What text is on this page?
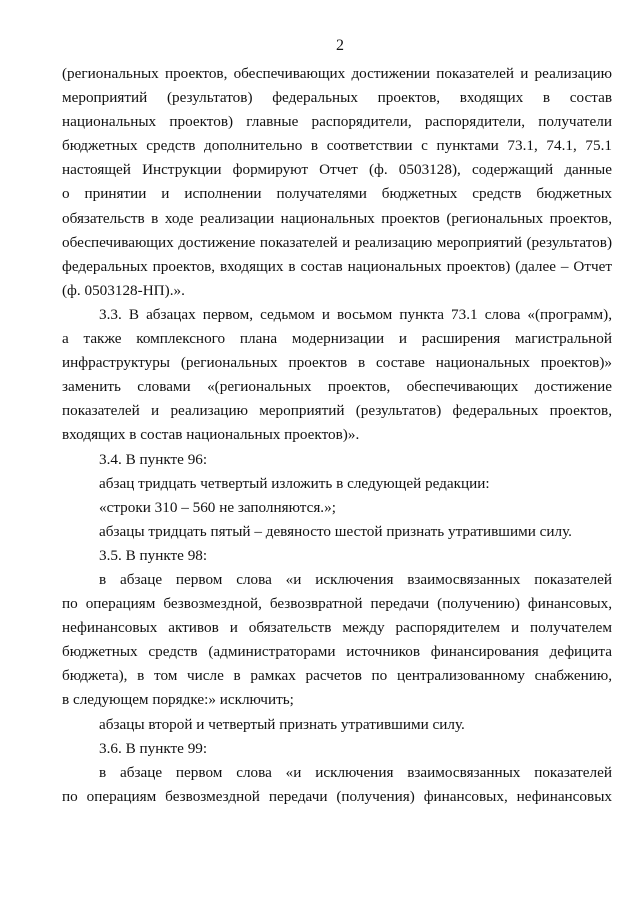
2
(региональных проектов, обеспечивающих достижении показателей и реализацию
мероприятий (результатов) федеральных проектов, входящих в состав
национальных проектов) главные распорядители, распорядители, получатели
бюджетных средств дополнительно в соответствии с пунктами 73.1, 74.1, 75.1
настоящей Инструкции формируют Отчет (ф. 0503128), содержащий данные
о принятии и исполнении получателями бюджетных средств бюджетных
обязательств в ходе реализации национальных проектов (региональных проектов,
обеспечивающих достижение показателей и реализацию мероприятий (результатов)
федеральных проектов, входящих в состав национальных проектов) (далее – Отчет
(ф. 0503128-НП).».
3.3. В абзацах первом, седьмом и восьмом пункта 73.1 слова «(программ),
а также комплексного плана модернизации и расширения магистральной
инфраструктуры (региональных проектов в составе национальных проектов)»
заменить словами «(региональных проектов, обеспечивающих достижение
показателей и реализацию мероприятий (результатов) федеральных проектов,
входящих в состав национальных проектов)».
3.4. В пункте 96:
абзац тридцать четвертый изложить в следующей редакции:
«строки 310 – 560 не заполняются.»;
абзацы тридцать пятый – девяносто шестой признать утратившими силу.
3.5. В пункте 98:
в абзаце первом слова «и исключения взаимосвязанных показателей
по операциям безвозмездной, безвозвратной передачи (получению) финансовых,
нефинансовых активов и обязательств между распорядителем и получателем
бюджетных средств (администраторами источников финансирования дефицита
бюджета), в том числе в рамках расчетов по централизованному снабжению,
в следующем порядке:» исключить;
абзацы второй и четвертый признать утратившими силу.
3.6. В пункте 99:
в абзаце первом слова «и исключения взаимосвязанных показателей
по операциям безвозмездной передачи (получения) финансовых, нефинансовых
